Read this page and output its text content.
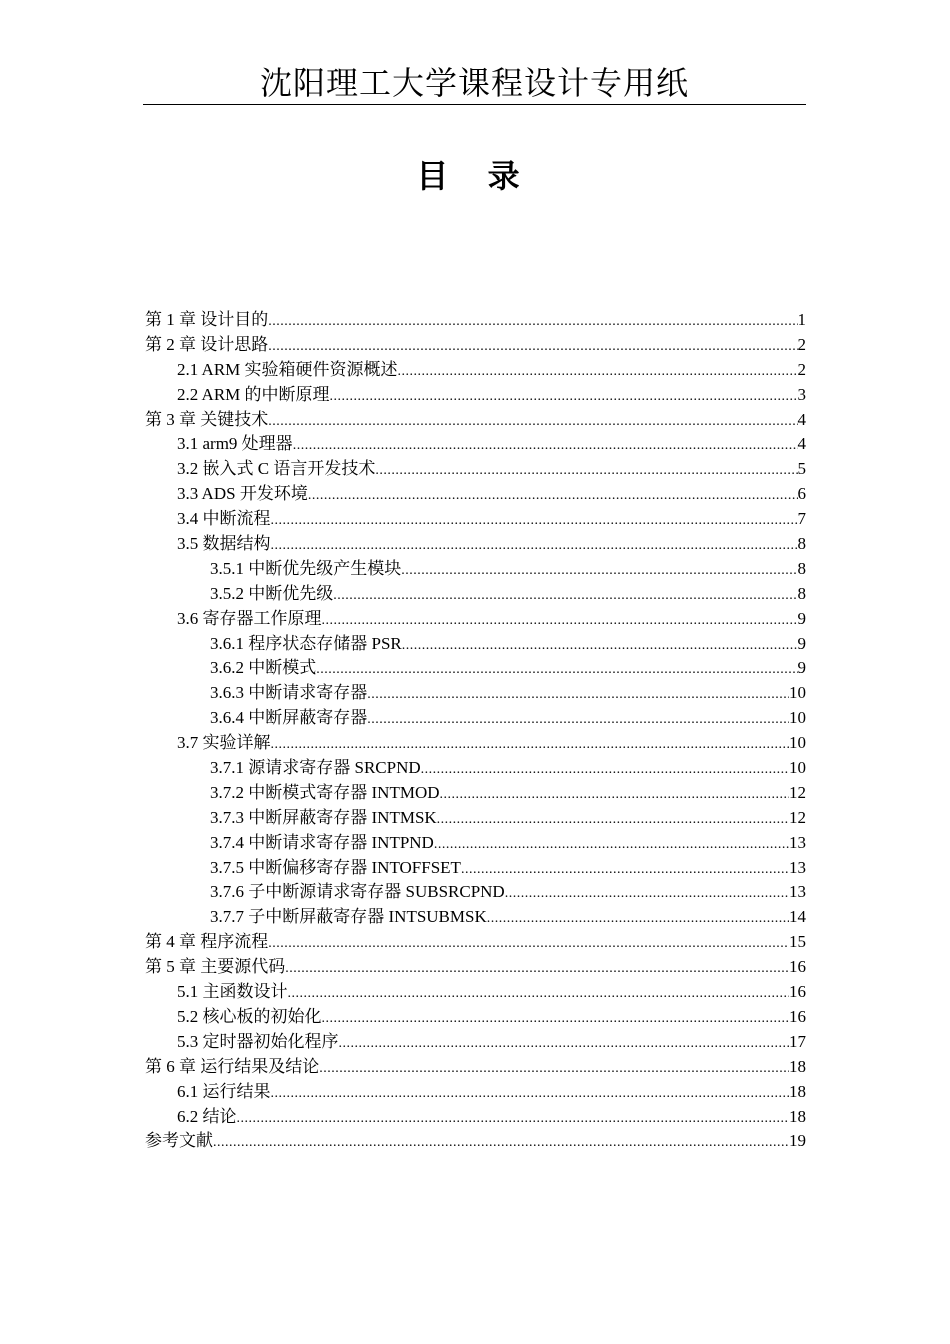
沈阳理工大学课程设计专用纸
目 录
第 1 章 设计目的 .....	1
第 2 章 设计思路 .....	2
2.1 ARM 实验箱硬件资源概述 .....	2
2.2 ARM 的中断原理 .....	3
第 3 章 关键技术 .....	4
3.1 arm9 处理器 .....	4
3.2 嵌入式 C 语言开发技术 .....	5
3.3 ADS 开发环境 .....	6
3.4 中断流程 .....	7
3.5 数据结构 .....	8
3.5.1 中断优先级产生模块 .....	8
3.5.2 中断优先级 .....	8
3.6 寄存器工作原理 .....	9
3.6.1 程序状态存储器 PSR .....	9
3.6.2 中断模式 .....	9
3.6.3 中断请求寄存器 .....	10
3.6.4 中断屏蔽寄存器 .....	10
3.7 实验详解 .....	10
3.7.1 源请求寄存器 SRCPND .....	10
3.7.2 中断模式寄存器 INTMOD .....	12
3.7.3 中断屏蔽寄存器 INTMSK .....	12
3.7.4 中断请求寄存器 INTPND .....	13
3.7.5 中断偏移寄存器 INTOFFSET .....	13
3.7.6 子中断源请求寄存器 SUBSRCPND .....	13
3.7.7 子中断屏蔽寄存器 INTSUBMSK .....	14
第 4 章 程序流程 .....	15
第 5 章 主要源代码 .....	16
5.1 主函数设计 .....	16
5.2 核心板的初始化 .....	16
5.3 定时器初始化程序 .....	17
第 6 章 运行结果及结论 .....	18
6.1 运行结果 .....	18
6.2 结论 .....	18
参考文献 .....	19
